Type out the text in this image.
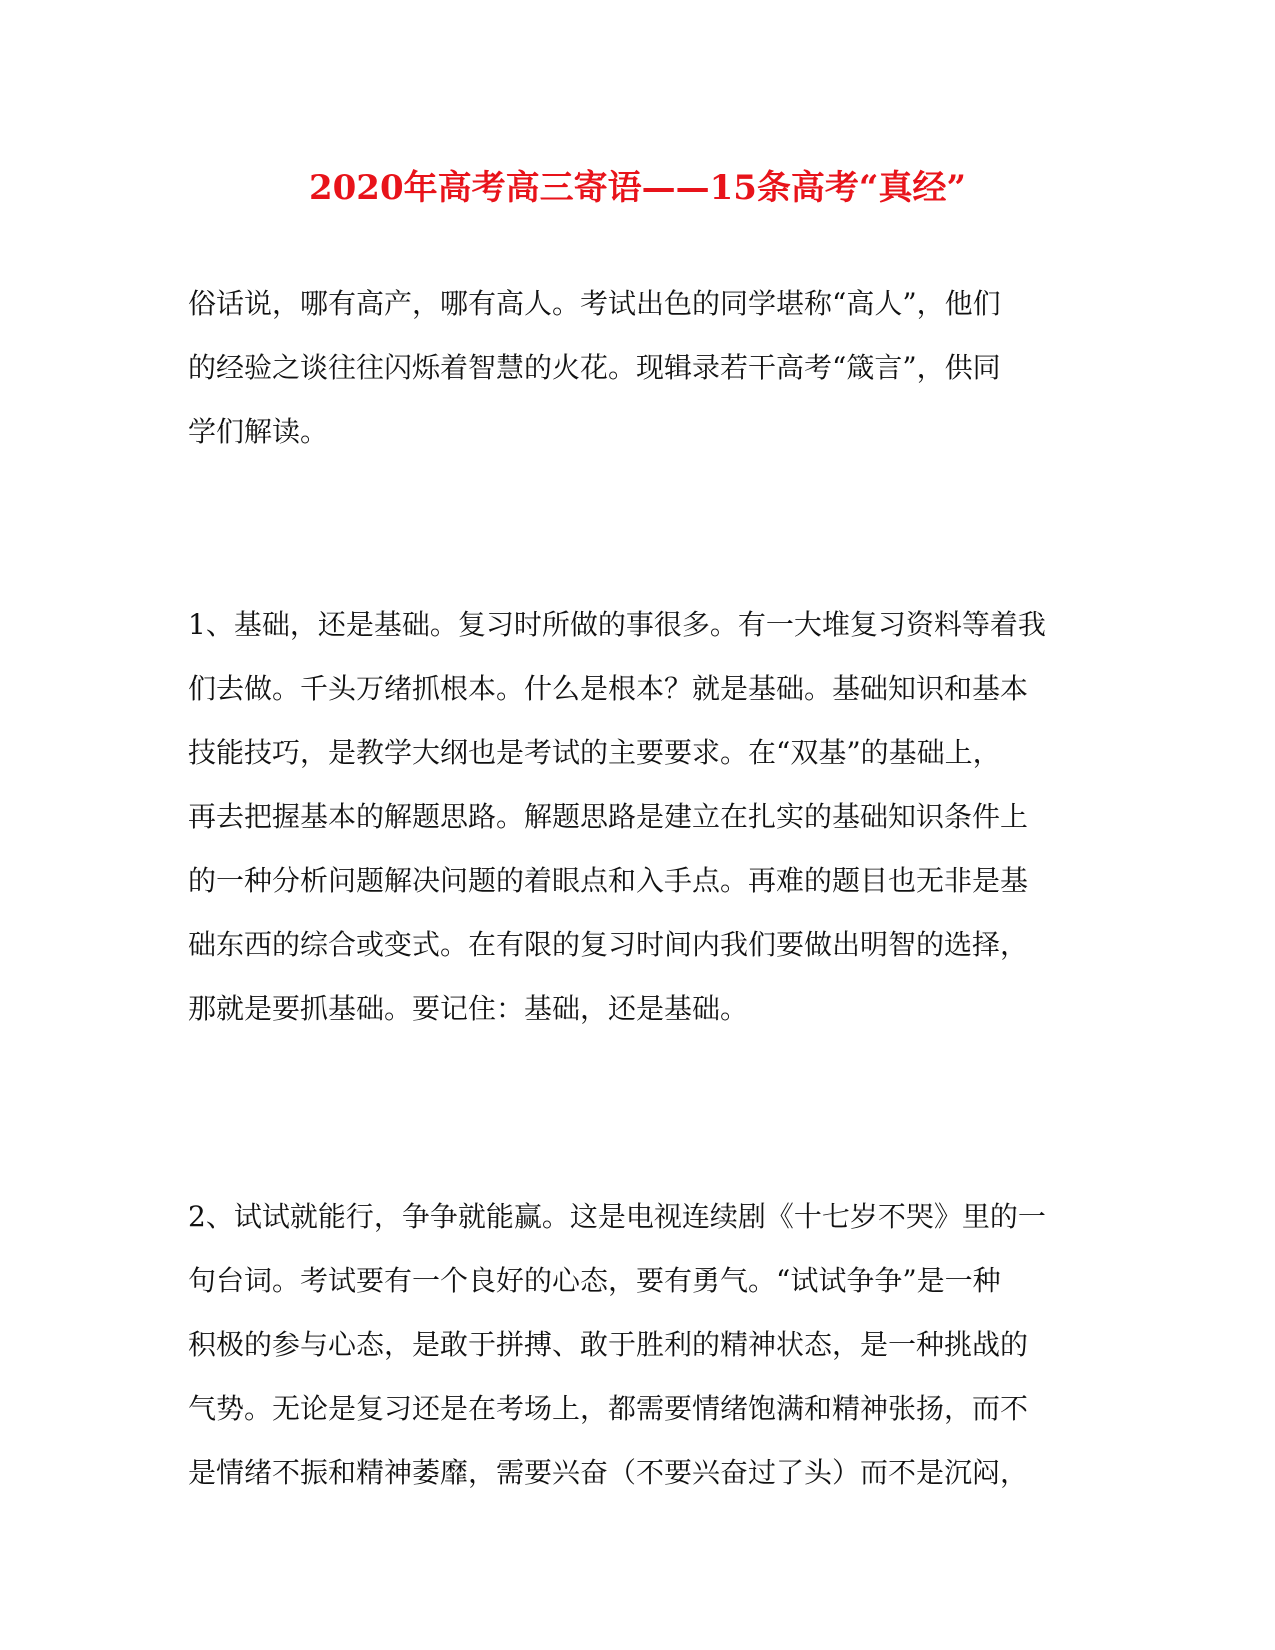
2020年高考高三寄语——15条高考“真经”
俗话说，哪有高产，哪有高人。考试出色的同学堪称“高人”，他们
的经验之谈往往闪烁着智慧的火花。现辑录若干高考“箴言”，供同
学们解读。
1、基础，还是基础。复习时所做的事很多。有一大堆复习资料等着我
们去做。千头万绪抓根本。什么是根本？就是基础。基础知识和基本
技能技巧，是教学大纲也是考试的主要要求。在“双基”的基础上，
再去把握基本的解题思路。解题思路是建立在扎实的基础知识条件上
的一种分析问题解决问题的着眼点和入手点。再难的题目也无非是基
础东西的综合或变式。在有限的复习时间内我们要做出明智的选择，
那就是要抓基础。要记住：基础，还是基础。
2、试试就能行，争争就能赢。这是电视连续剧《十七岁不哭》里的一
句台词。考试要有一个良好的心态，要有勇气。“试试争争”是一种
积极的参与心态，是敢于拼搏、敢于胜利的精神状态，是一种挑战的
气势。无论是复习还是在考场上，都需要情绪饱满和精神张扬，而不
是情绪不振和精神萎靡，需要兴奋（不要兴奋过了头）而不是沉闷，
